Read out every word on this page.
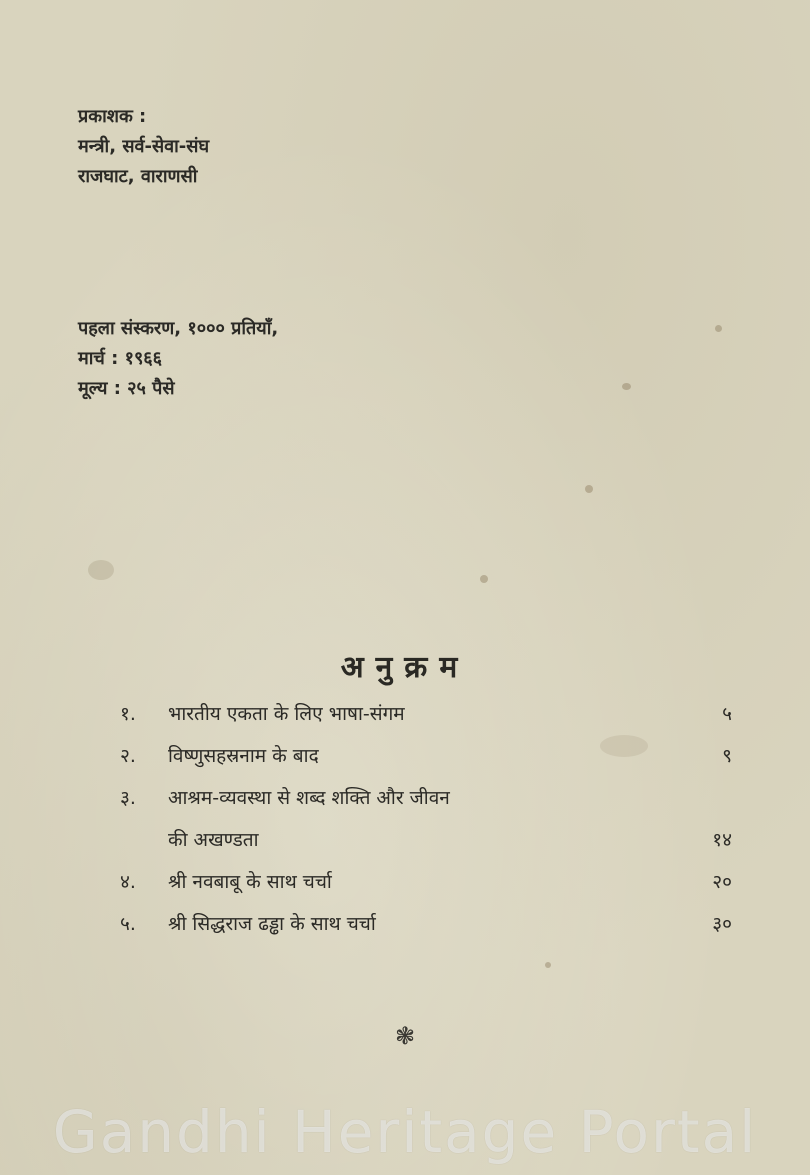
प्रकाशक :
मन्त्री, सर्व-सेवा-संघ
राजघाट, वाराणसी
पहला संस्करण, १००० प्रतियाँ,
मार्च : १९६६
मूल्य : २५ पैसे
अनुक्रम
१.	भारतीय एकता के लिए भाषा-संगम	५
२.	विष्णुसहस्रनाम के बाद	९
३.	आश्रम-व्यवस्था से शब्द शक्ति और जीवन
की अखण्डता	१४
४.	श्री नवबाबू के साथ चर्चा	२०
५.	श्री सिद्धराज ढड्ढा के साथ चर्चा	३०
❃
Gandhi Heritage Portal
